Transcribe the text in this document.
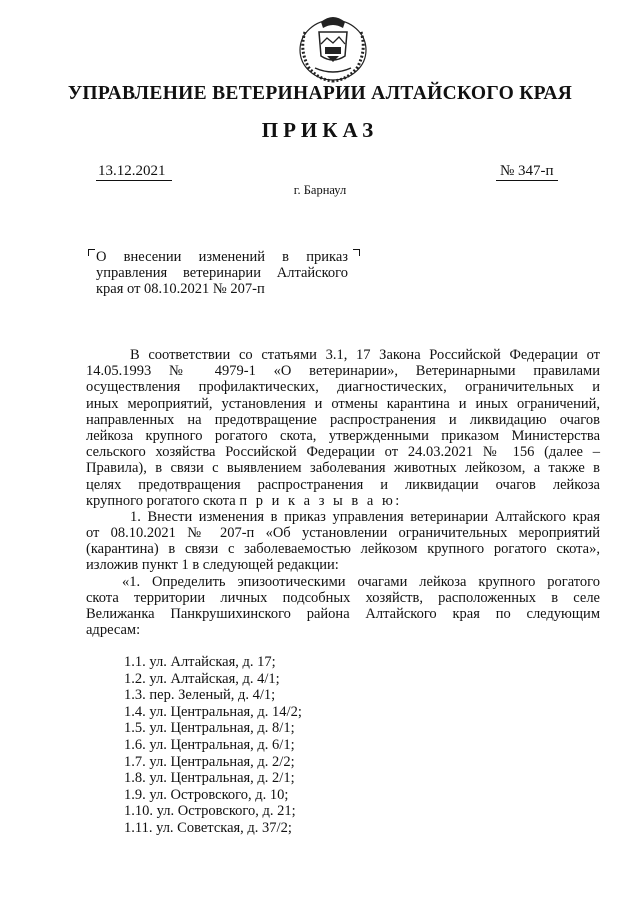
УПРАВЛЕНИЕ ВЕТЕРИНАРИИ АЛТАЙСКОГО КРАЯ
ПРИКАЗ
13.12.2021	№ 347-п
г. Барнаул
О внесении изменений в приказ
управления ветеринарии Алтайского
края от 08.10.2021 № 207-п
В соответствии со статьями 3.1, 17 Закона Российской Федерации от
14.05.1993 № 4979-1 «О ветеринарии», Ветеринарными правилами
осуществления профилактических, диагностических, ограничительных и
иных мероприятий, установления и отмены карантина и иных ограничений,
направленных на предотвращение распространения и ликвидацию очагов
лейкоза крупного рогатого скота, утвержденными приказом Министерства
сельского хозяйства Российской Федерации от 24.03.2021 № 156 (далее –
Правила), в связи с выявлением заболевания животных лейкозом, а также в
целях предотвращения распространения и ликвидации очагов лейкоза
крупного рогатого скота п р и к а з ы в а ю:
1. Внести изменения в приказ управления ветеринарии Алтайского края
от 08.10.2021 № 207-п «Об установлении ограничительных мероприятий
(карантина) в связи с заболеваемостью лейкозом крупного рогатого скота»,
изложив пункт 1 в следующей редакции:
«1. Определить эпизоотическими очагами лейкоза крупного рогатого
скота территории личных подсобных хозяйств, расположенных в селе
Велижанка Панкрушихинского района Алтайского края по следующим
адресам:
1.1. ул. Алтайская, д. 17;
1.2. ул. Алтайская, д. 4/1;
1.3. пер. Зеленый, д. 4/1;
1.4. ул. Центральная, д. 14/2;
1.5. ул. Центральная, д. 8/1;
1.6. ул. Центральная, д. 6/1;
1.7. ул. Центральная, д. 2/2;
1.8. ул. Центральная, д. 2/1;
1.9. ул. Островского, д. 10;
1.10. ул. Островского, д. 21;
1.11. ул. Советская, д. 37/2;
